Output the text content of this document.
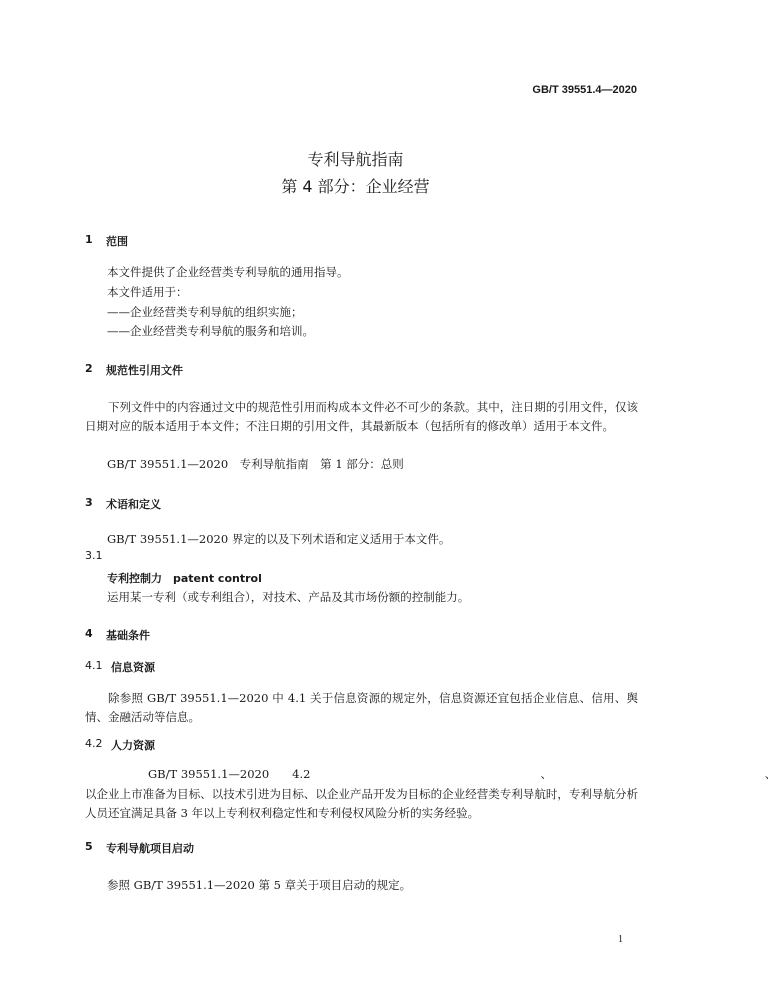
GB/T 39551.4—2020
专利导航指南
第 4 部分：企业经营
1 范围
本文件提供了企业经营类专利导航的通用指导。
本文件适用于：
——企业经营类专利导航的组织实施；
——企业经营类专利导航的服务和培训。
2 规范性引用文件
下列文件中的内容通过文中的规范性引用而构成本文件必不可少的条款。其中，注日期的引用文件，仅该日期对应的版本适用于本文件；不注日期的引用文件，其最新版本（包括所有的修改单）适用于本文件。
GB/T 39551.1—2020　专利导航指南　第 1 部分：总则
3 术语和定义
GB/T 39551.1—2020 界定的以及下列术语和定义适用于本文件。
3.1
专利控制力　patent control
运用某一专利（或专利组合），对技术、产品及其市场份额的控制能力。
4 基础条件
4.1 信息资源
除参照 GB/T 39551.1—2020 中 4.1 关于信息资源的规定外，信息资源还宜包括企业信息、信用、舆情、金融活动等信息。
4.2 人力资源
GB/T 39551.1—2020　　4.2　　　　　　　　　　　　　　　　　　　　、　　　　　　　　　　　　　　　　　　　、
以企业上市准备为目标、以技术引进为目标、以企业产品开发为目标的企业经营类专利导航时，专利导航分析人员还宜满足具备 3 年以上专利权利稳定性和专利侵权风险分析的实务经验。
5 专利导航项目启动
参照 GB/T 39551.1—2020 第 5 章关于项目启动的规定。
1
